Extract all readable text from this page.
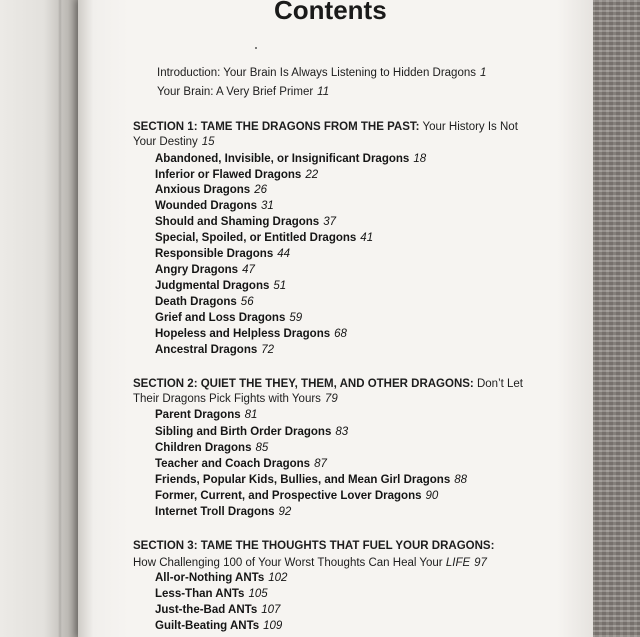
Contents
Introduction: Your Brain Is Always Listening to Hidden Dragons 1
Your Brain: A Very Brief Primer 11
SECTION 1: TAME THE DRAGONS FROM THE PAST: Your History Is Not
Your Destiny 15
Abandoned, Invisible, or Insignificant Dragons 18
Inferior or Flawed Dragons 22
Anxious Dragons 26
Wounded Dragons 31
Should and Shaming Dragons 37
Special, Spoiled, or Entitled Dragons 41
Responsible Dragons 44
Angry Dragons 47
Judgmental Dragons 51
Death Dragons 56
Grief and Loss Dragons 59
Hopeless and Helpless Dragons 68
Ancestral Dragons 72
SECTION 2: QUIET THE THEY, THEM, AND OTHER DRAGONS: Don’t Let
Their Dragons Pick Fights with Yours 79
Parent Dragons 81
Sibling and Birth Order Dragons 83
Children Dragons 85
Teacher and Coach Dragons 87
Friends, Popular Kids, Bullies, and Mean Girl Dragons 88
Former, Current, and Prospective Lover Dragons 90
Internet Troll Dragons 92
SECTION 3: TAME THE THOUGHTS THAT FUEL YOUR DRAGONS:
How Challenging 100 of Your Worst Thoughts Can Heal Your LIFE 97
All-or-Nothing ANTs 102
Less-Than ANTs 105
Just-the-Bad ANTs 107
Guilt-Beating ANTs 109
